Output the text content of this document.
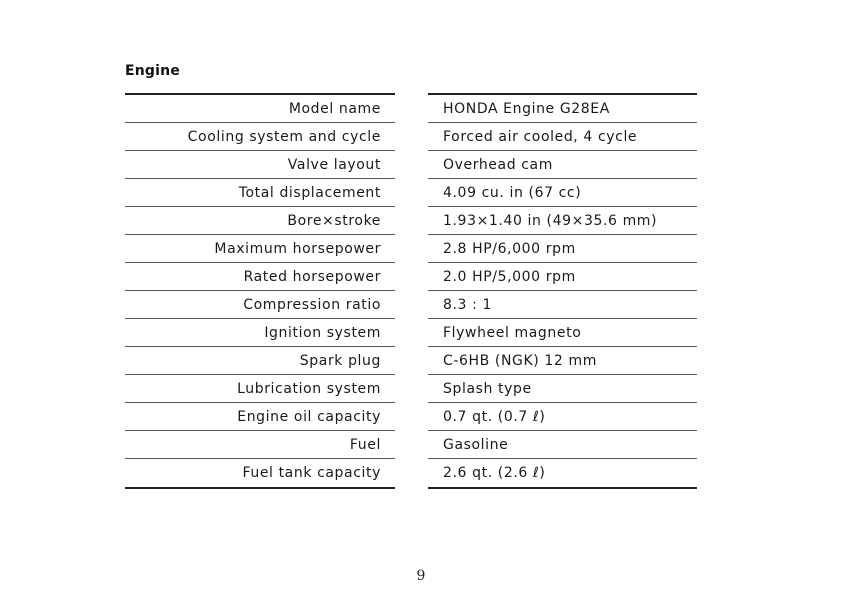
Engine
Model name
Cooling system and cycle
Valve layout
Total displacement
Bore×stroke
Maximum horsepower
Rated horsepower
Compression ratio
Ignition system
Spark plug
Lubrication system
Engine oil capacity
Fuel
Fuel tank capacity
HONDA Engine G28EA
Forced air cooled, 4 cycle
Overhead cam
4.09 cu. in (67 cc)
1.93×1.40 in (49×35.6 mm)
2.8 HP/6,000 rpm
2.0 HP/5,000 rpm
8.3 : 1
Flywheel magneto
C-6HB (NGK) 12 mm
Splash type
0.7 qt. (0.7 ℓ)
Gasoline
2.6 qt. (2.6 ℓ)
9
